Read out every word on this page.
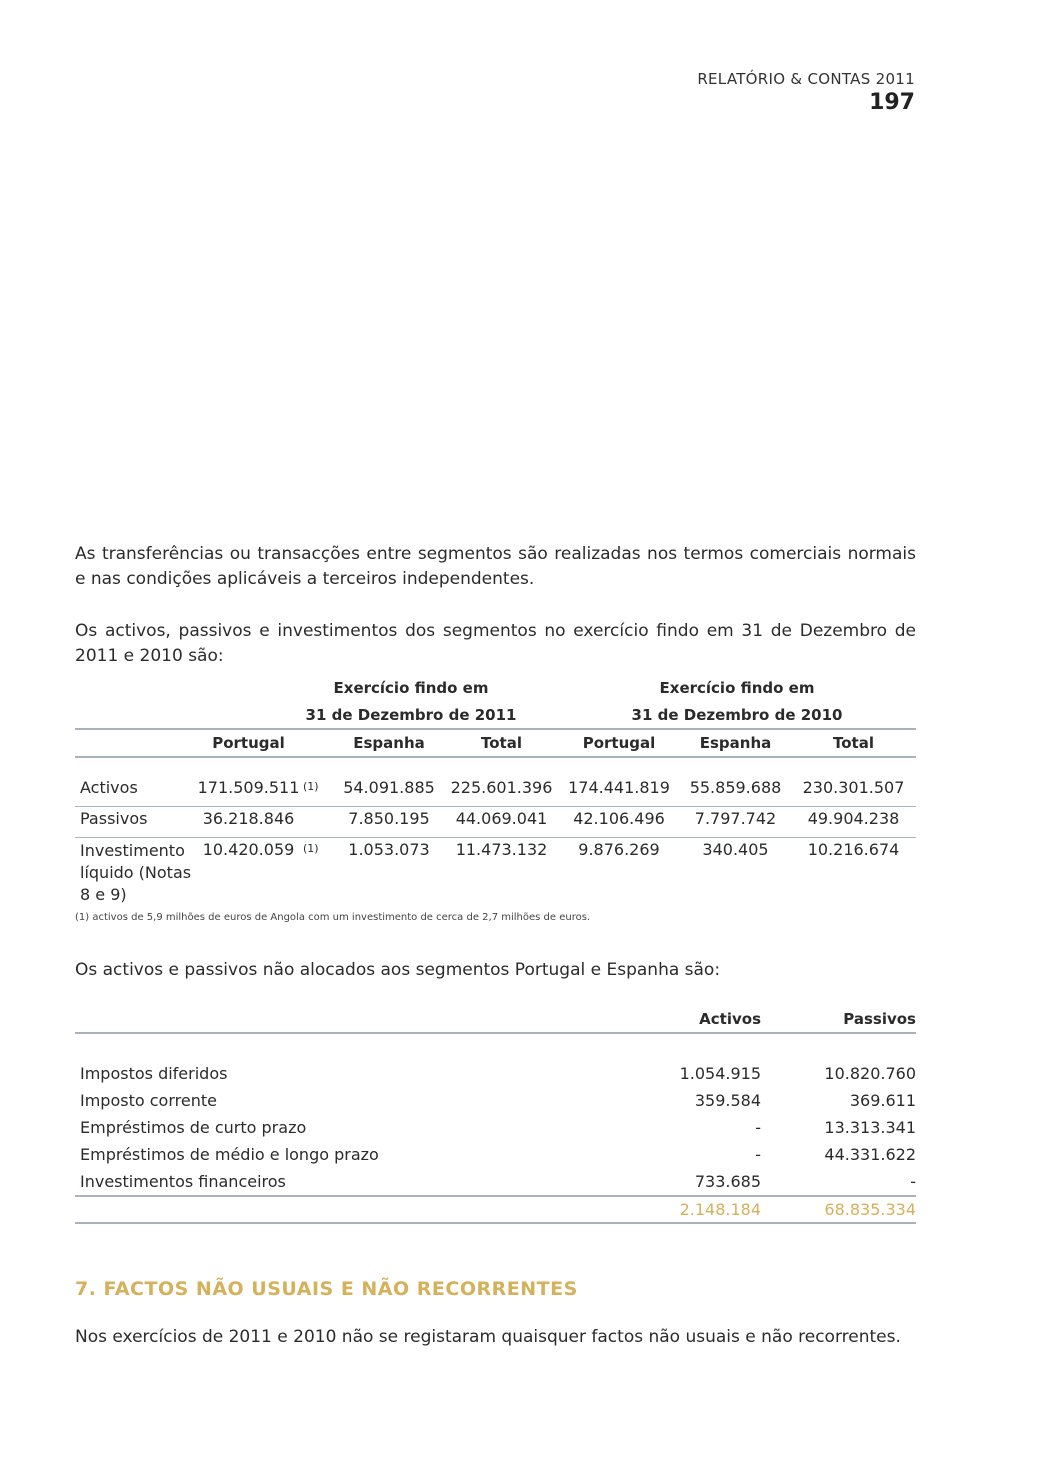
RELATÓRIO & CONTAS 2011
197

As transferências ou transacções entre segmentos são realizadas nos termos comerciais normais e nas condições aplicáveis a terceiros independentes.

Os activos, passivos e investimentos dos segmentos no exercício findo em 31 de Dezembro de 2011 e 2010 são:

	Exercício findo em				Exercício findo em		
	31 de Dezembro de 2011				31 de Dezembro de 2010		
	Portugal		Espanha	Total	Portugal	Espanha	Total

Activos	171.509.511	(1)	54.091.885	225.601.396	174.441.819	55.859.688	230.301.507
Passivos	36.218.846		7.850.195	44.069.041	42.106.496	7.797.742	49.904.238
Investimento líquido (Notas 8 e 9)	10.420.059	(1)	1.053.073	11.473.132	9.876.269	340.405	10.216.674
(1) activos de 5,9 milhões de euros de Angola com um investimento de cerca de 2,7 milhões de euros.

Os activos e passivos não alocados aos segmentos Portugal e Espanha são:

	Activos	Passivos

Impostos diferidos	1.054.915	10.820.760
Imposto corrente	359.584	369.611
Empréstimos de curto prazo	-	13.313.341
Empréstimos de médio e longo prazo	-	44.331.622
Investimentos financeiros	733.685	-
	2.148.184	68.835.334
7. FACTOS NÃO USUAIS E NÃO RECORRENTES

Nos exercícios de 2011 e 2010 não se registaram quaisquer factos não usuais e não recorrentes.
